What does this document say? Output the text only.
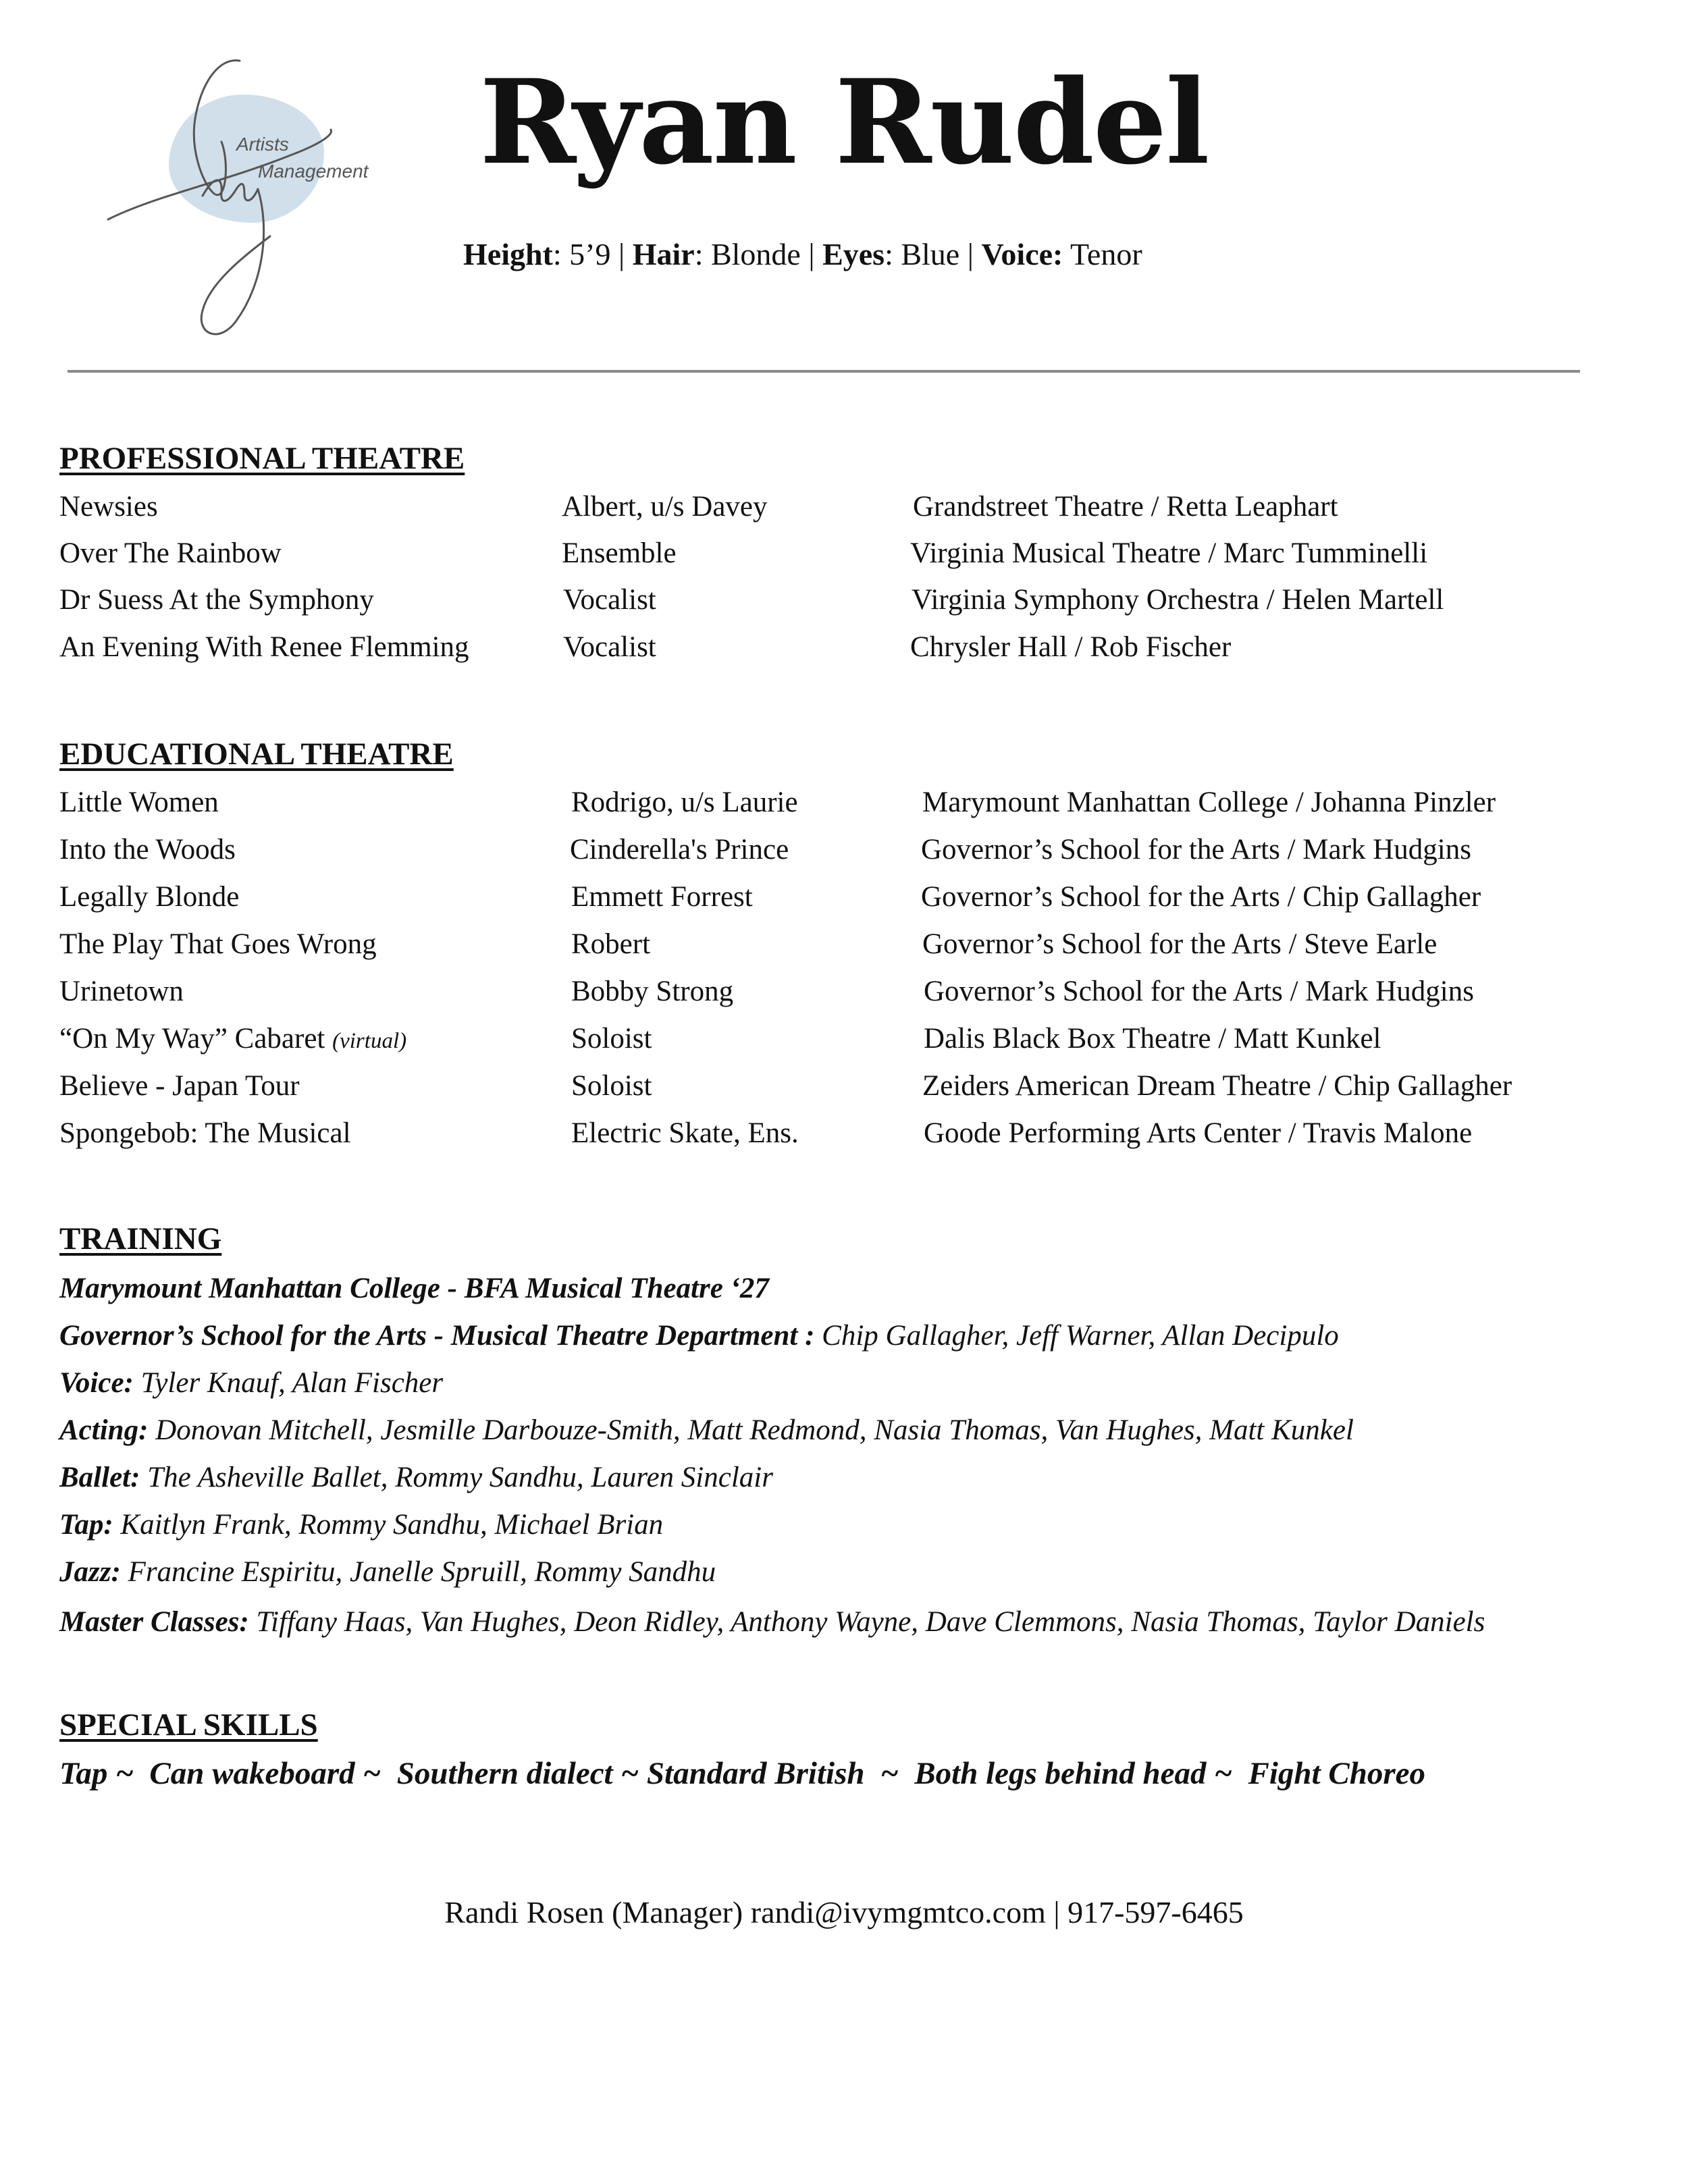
Artists
Management Ryan Rudel
Height: 5’9 | Hair: Blonde | Eyes: Blue | Voice: Tenor
PROFESSIONAL THEATRE
Newsies	Albert, u/s Davey	Grandstreet Theatre / Retta Leaphart
Over The Rainbow	Ensemble	Virginia Musical Theatre / Marc Tumminelli
Dr Suess At the Symphony	Vocalist	Virginia Symphony Orchestra / Helen Martell
An Evening With Renee Flemming	Vocalist	Chrysler Hall / Rob Fischer
EDUCATIONAL THEATRE
Little Women	Rodrigo, u/s Laurie	Marymount Manhattan College / Johanna Pinzler
Into the Woods	Cinderella's Prince	Governor’s School for the Arts / Mark Hudgins
Legally Blonde	Emmett Forrest	Governor’s School for the Arts / Chip Gallagher
The Play That Goes Wrong	Robert	Governor’s School for the Arts / Steve Earle
Urinetown	Bobby Strong	Governor’s School for the Arts / Mark Hudgins
“On My Way” Cabaret (virtual)	Soloist	Dalis Black Box Theatre / Matt Kunkel
Believe - Japan Tour	Soloist	Zeiders American Dream Theatre / Chip Gallagher
Spongebob: The Musical	Electric Skate, Ens.	Goode Performing Arts Center / Travis Malone
TRAINING
Marymount Manhattan College - BFA Musical Theatre ‘27
Governor’s School for the Arts - Musical Theatre Department : Chip Gallagher, Jeff Warner, Allan Decipulo
Voice: Tyler Knauf, Alan Fischer
Acting: Donovan Mitchell, Jesmille Darbouze-Smith, Matt Redmond, Nasia Thomas, Van Hughes, Matt Kunkel
Ballet: The Asheville Ballet, Rommy Sandhu, Lauren Sinclair
Tap: Kaitlyn Frank, Rommy Sandhu, Michael Brian
Jazz: Francine Espiritu, Janelle Spruill, Rommy Sandhu
Master Classes: Tiffany Haas, Van Hughes, Deon Ridley, Anthony Wayne, Dave Clemmons, Nasia Thomas, Taylor Daniels
SPECIAL SKILLS
Tap ~  Can wakeboard ~  Southern dialect ~ Standard British  ~  Both legs behind head ~  Fight Choreo
Randi Rosen (Manager) randi@ivymgmtco.com | 917-597-6465
